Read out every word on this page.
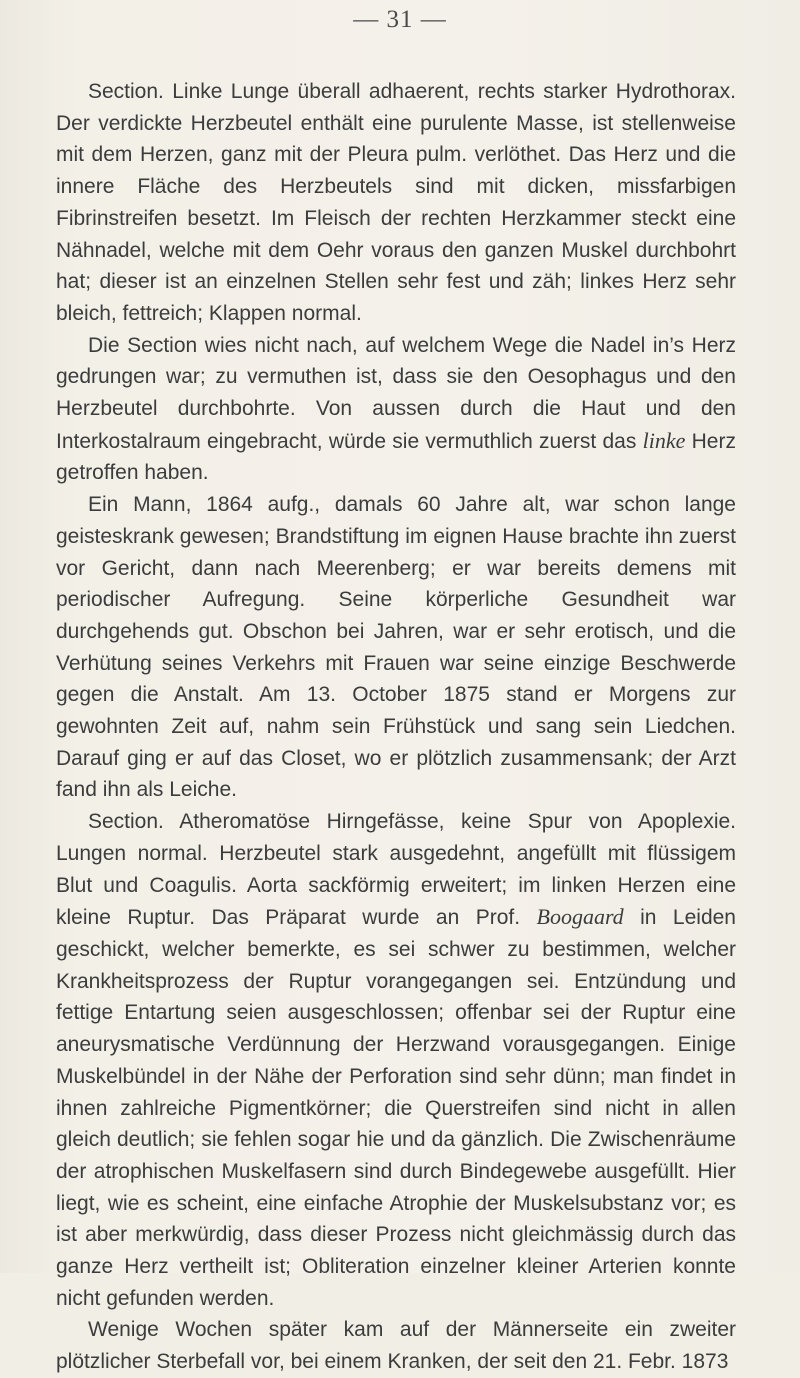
— 31 —

Section. Linke Lunge überall adhaerent, rechts starker Hydrothorax. Der verdickte Herzbeutel enthält eine purulente Masse, ist stellenweise mit dem Herzen, ganz mit der Pleura pulm. verlöthet. Das Herz und die innere Fläche des Herzbeutels sind mit dicken, missfarbigen Fibrinstreifen besetzt. Im Fleisch der rechten Herzkammer steckt eine Nähnadel, welche mit dem Oehr voraus den ganzen Muskel durchbohrt hat; dieser ist an einzelnen Stellen sehr fest und zäh; linkes Herz sehr bleich, fettreich; Klappen normal.

Die Section wies nicht nach, auf welchem Wege die Nadel in’s Herz gedrungen war; zu vermuthen ist, dass sie den Oesophagus und den Herzbeutel durchbohrte. Von aussen durch die Haut und den Interkostalraum eingebracht, würde sie vermuthlich zuerst das linke Herz getroffen haben.

Ein Mann, 1864 aufg., damals 60 Jahre alt, war schon lange geisteskrank gewesen; Brandstiftung im eignen Hause brachte ihn zuerst vor Gericht, dann nach Meerenberg; er war bereits demens mit periodischer Aufregung. Seine körperliche Gesundheit war durchgehends gut. Obschon bei Jahren, war er sehr erotisch, und die Verhütung seines Verkehrs mit Frauen war seine einzige Beschwerde gegen die Anstalt. Am 13. October 1875 stand er Morgens zur gewohnten Zeit auf, nahm sein Frühstück und sang sein Liedchen. Darauf ging er auf das Closet, wo er plötzlich zusammensank; der Arzt fand ihn als Leiche.

Section. Atheromatöse Hirngefässe, keine Spur von Apoplexie. Lungen normal. Herzbeutel stark ausgedehnt, angefüllt mit flüssigem Blut und Coagulis. Aorta sackförmig erweitert; im linken Herzen eine kleine Ruptur. Das Präparat wurde an Prof. Boogaard in Leiden geschickt, welcher bemerkte, es sei schwer zu bestimmen, welcher Krankheitsprozess der Ruptur vorangegangen sei. Entzündung und fettige Entartung seien ausgeschlossen; offenbar sei der Ruptur eine aneurysmatische Verdünnung der Herzwand vorausgegangen. Einige Muskelbündel in der Nähe der Perforation sind sehr dünn; man findet in ihnen zahlreiche Pigmentkörner; die Querstreifen sind nicht in allen gleich deutlich; sie fehlen sogar hie und da gänzlich. Die Zwischenräume der atrophischen Muskelfasern sind durch Bindegewebe ausgefüllt. Hier liegt, wie es scheint, eine einfache Atrophie der Muskelsubstanz vor; es ist aber merkwürdig, dass dieser Prozess nicht gleichmässig durch das ganze Herz vertheilt ist; Obliteration einzelner kleiner Arterien konnte nicht gefunden werden.

Wenige Wochen später kam auf der Männerseite ein zweiter plötzlicher Sterbefall vor, bei einem Kranken, der seit den 21. Febr. 1873
